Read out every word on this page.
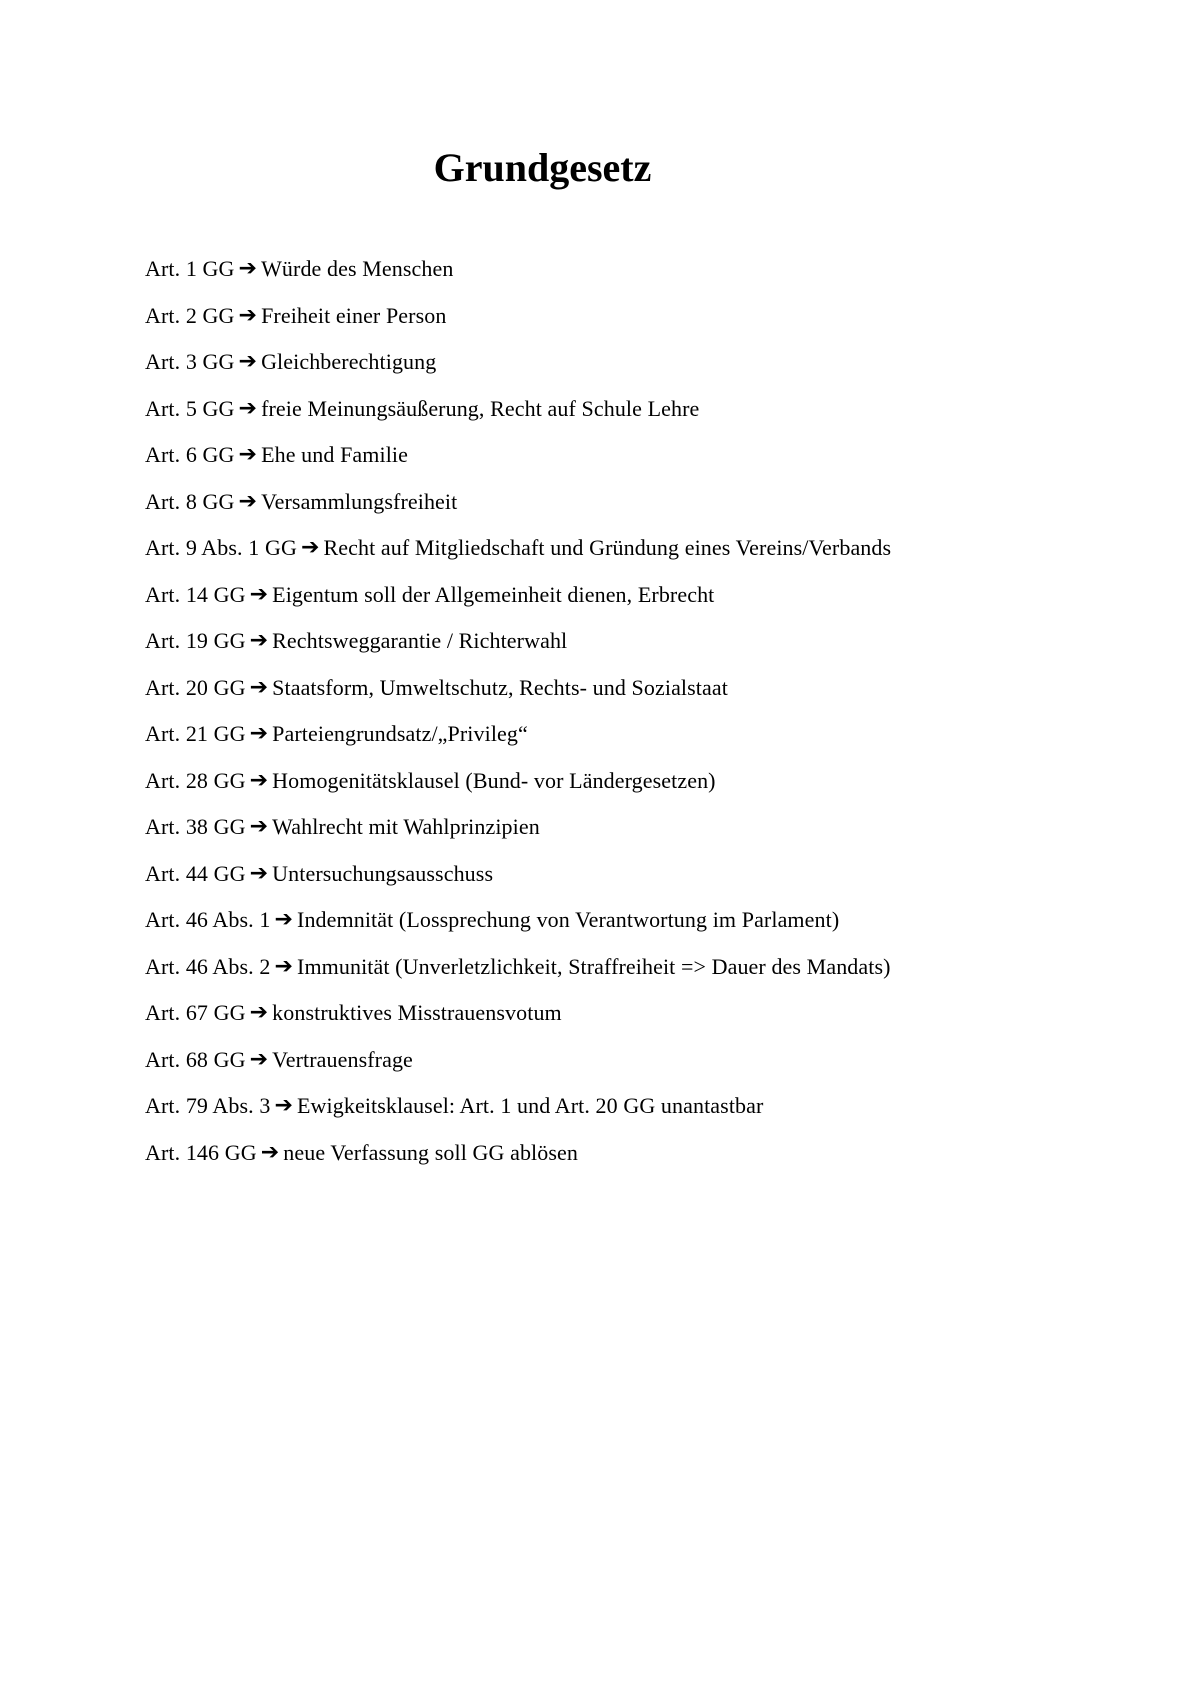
Grundgesetz
Art. 1 GG ➔ Würde des Menschen
Art. 2 GG ➔ Freiheit einer Person
Art. 3 GG ➔ Gleichberechtigung
Art. 5 GG ➔ freie Meinungsäußerung, Recht auf Schule Lehre
Art. 6 GG ➔ Ehe und Familie
Art. 8 GG ➔ Versammlungsfreiheit
Art. 9 Abs. 1 GG ➔ Recht auf Mitgliedschaft und Gründung eines Vereins/Verbands
Art. 14 GG ➔ Eigentum soll der Allgemeinheit dienen, Erbrecht
Art. 19 GG ➔ Rechtsweggarantie / Richterwahl
Art. 20 GG ➔ Staatsform, Umweltschutz, Rechts- und Sozialstaat
Art. 21 GG ➔ Parteiengrundsatz/„Privileg“
Art. 28 GG ➔ Homogenitätsklausel (Bund- vor Ländergesetzen)
Art. 38 GG ➔ Wahlrecht mit Wahlprinzipien
Art. 44 GG ➔ Untersuchungsausschuss
Art. 46 Abs. 1 ➔ Indemnität (Lossprechung von Verantwortung im Parlament)
Art. 46 Abs. 2 ➔ Immunität (Unverletzlichkeit, Straffreiheit => Dauer des Mandats)
Art. 67 GG ➔ konstruktives Misstrauensvotum
Art. 68 GG ➔ Vertrauensfrage
Art. 79 Abs. 3 ➔ Ewigkeitsklausel: Art. 1 und Art. 20 GG unantastbar
Art. 146 GG ➔ neue Verfassung soll GG ablösen
